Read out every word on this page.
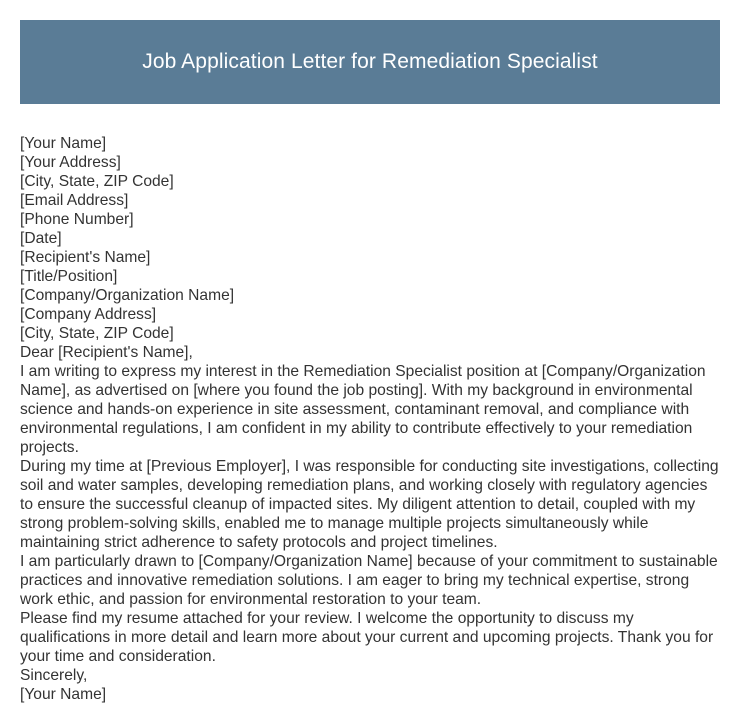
Job Application Letter for Remediation Specialist

[Your Name]

[Your Address]

[City, State, ZIP Code]

[Email Address]

[Phone Number]

[Date]

[Recipient's Name]

[Title/Position]

[Company/Organization Name]

[Company Address]

[City, State, ZIP Code]

Dear [Recipient's Name],

I am writing to express my interest in the Remediation Specialist position at [Company/Organization Name], as advertised on [where you found the job posting]. With my background in environmental science and hands-on experience in site assessment, contaminant removal, and compliance with environmental regulations, I am confident in my ability to contribute effectively to your remediation projects.

During my time at [Previous Employer], I was responsible for conducting site investigations, collecting soil and water samples, developing remediation plans, and working closely with regulatory agencies to ensure the successful cleanup of impacted sites. My diligent attention to detail, coupled with my strong problem-solving skills, enabled me to manage multiple projects simultaneously while maintaining strict adherence to safety protocols and project timelines.

I am particularly drawn to [Company/Organization Name] because of your commitment to sustainable practices and innovative remediation solutions. I am eager to bring my technical expertise, strong work ethic, and passion for environmental restoration to your team.

Please find my resume attached for your review. I welcome the opportunity to discuss my qualifications in more detail and learn more about your current and upcoming projects. Thank you for your time and consideration.

Sincerely,

[Your Name]
